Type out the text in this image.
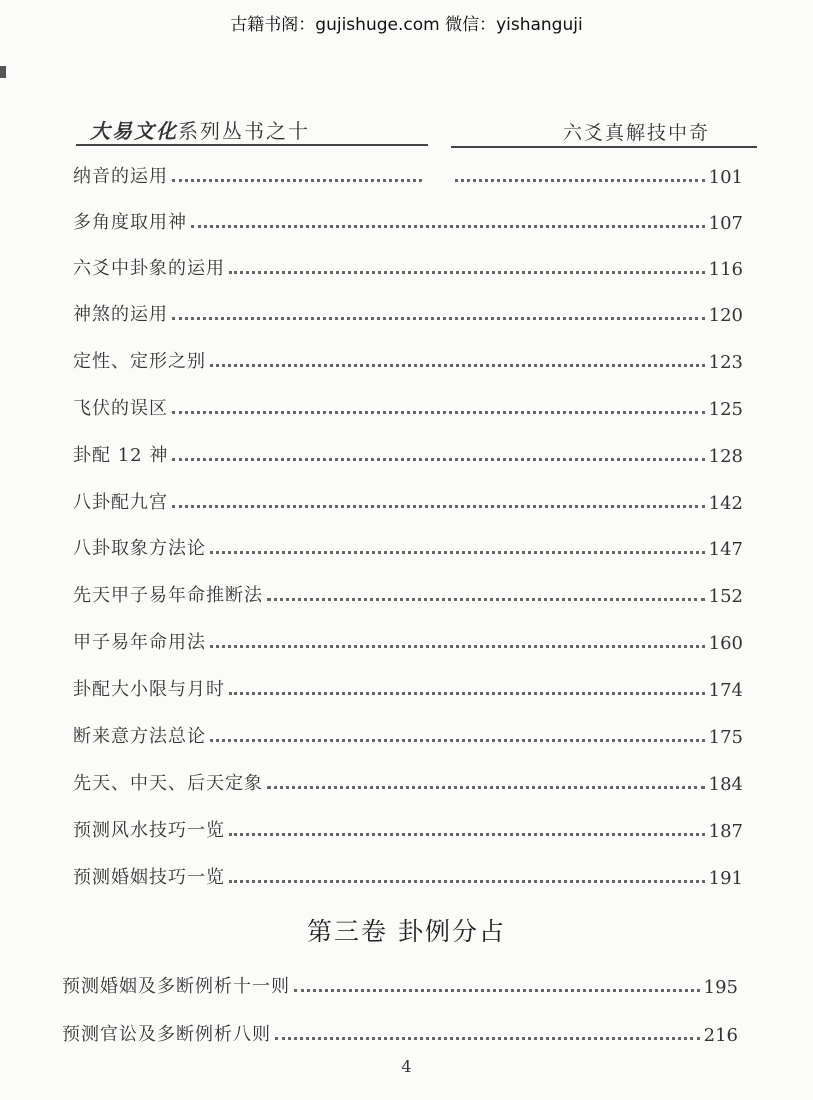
古籍书阁：gujishuge.com 微信：yishanguji
大易文化系列丛书之十	六爻真解技中奇
纳音的运用	101
多角度取用神	107
六爻中卦象的运用	116
神煞的运用	120
定性、定形之别	123
飞伏的误区	125
卦配 12 神	128
八卦配九宫	142
八卦取象方法论	147
先天甲子易年命推断法	152
甲子易年命用法	160
卦配大小限与月时	174
断来意方法总论	175
先天、中天、后天定象	184
预测风水技巧一览	187
预测婚姻技巧一览	191
第三卷 卦例分占
预测婚姻及多断例析十一则	195
预测官讼及多断例析八则	216
4
